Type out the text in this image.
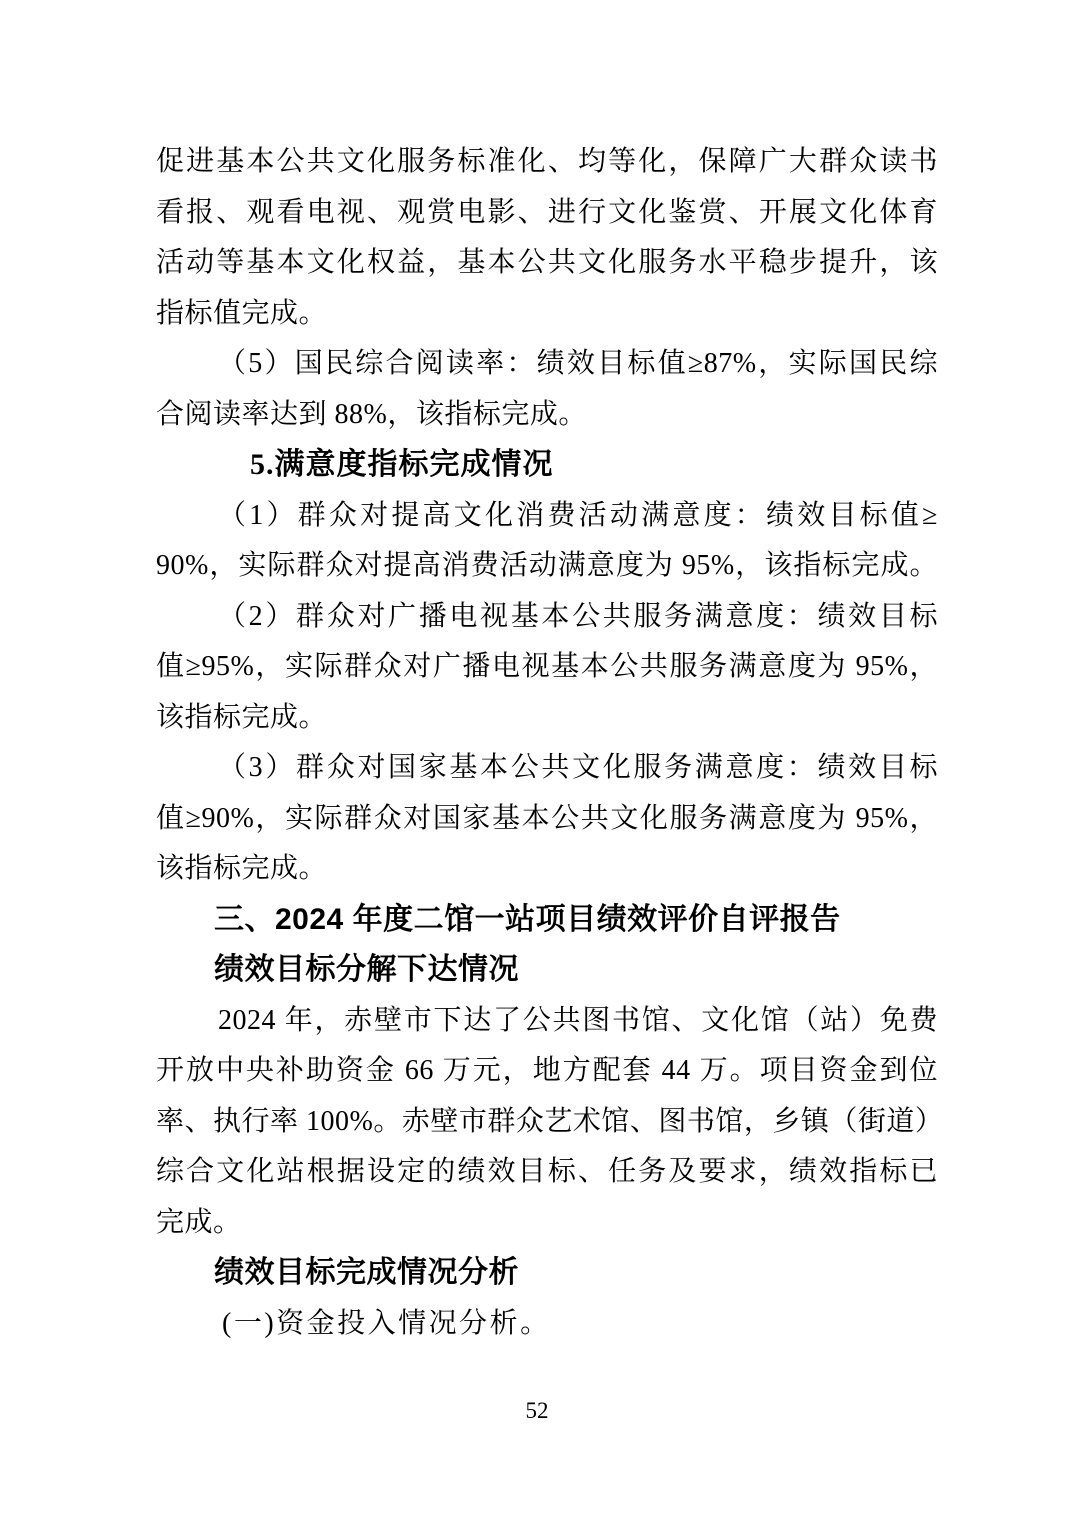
促进基本公共文化服务标准化、均等化，保障广大群众读书
看报、观看电视、观赏电影、进行文化鉴赏、开展文化体育
活动等基本文化权益，基本公共文化服务水平稳步提升，该
指标值完成。
（5）国民综合阅读率：绩效目标值≥87%，实际国民综
合阅读率达到 88%，该指标完成。
5.满意度指标完成情况
（1）群众对提高文化消费活动满意度：绩效目标值≥
90%，实际群众对提高消费活动满意度为 95%，该指标完成。
（2）群众对广播电视基本公共服务满意度：绩效目标
值≥95%，实际群众对广播电视基本公共服务满意度为 95%，
该指标完成。
（3）群众对国家基本公共文化服务满意度：绩效目标
值≥90%，实际群众对国家基本公共文化服务满意度为 95%，
该指标完成。
三、2024 年度二馆一站项目绩效评价自评报告
绩效目标分解下达情况
2024 年，赤壁市下达了公共图书馆、文化馆（站）免费
开放中央补助资金 66 万元，地方配套 44 万。项目资金到位
率、执行率 100%。赤壁市群众艺术馆、图书馆，乡镇（街道）
综合文化站根据设定的绩效目标、任务及要求，绩效指标已
完成。
绩效目标完成情况分析
(一)资金投入情况分析。
52
